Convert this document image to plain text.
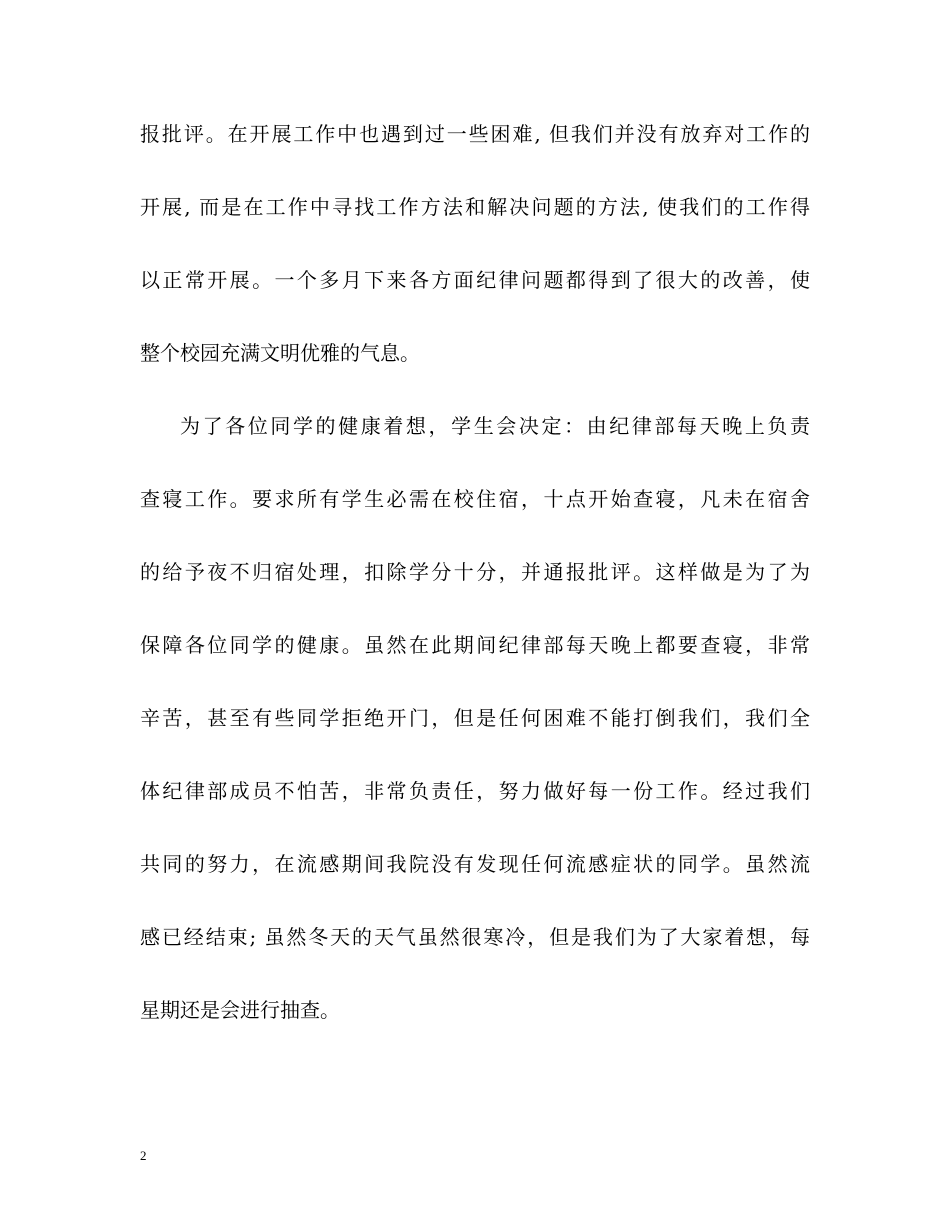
报批评。在开展工作中也遇到过一些困难, 但我们并没有放弃对工作的
开展, 而是在工作中寻找工作方法和解决问题的方法, 使我们的工作得
以正常开展。一个多月下来各方面纪律问题都得到了很大的改善，使
整个校园充满文明优雅的气息。
为了各位同学的健康着想，学生会决定：由纪律部每天晚上负责
查寝工作。要求所有学生必需在校住宿，十点开始查寝，凡未在宿舍
的给予夜不归宿处理，扣除学分十分，并通报批评。这样做是为了为
保障各位同学的健康。虽然在此期间纪律部每天晚上都要查寝，非常
辛苦，甚至有些同学拒绝开门，但是任何困难不能打倒我们，我们全
体纪律部成员不怕苦，非常负责任，努力做好每一份工作。经过我们
共同的努力，在流感期间我院没有发现任何流感症状的同学。虽然流
感已经结束; 虽然冬天的天气虽然很寒冷，但是我们为了大家着想，每
星期还是会进行抽查。
2
